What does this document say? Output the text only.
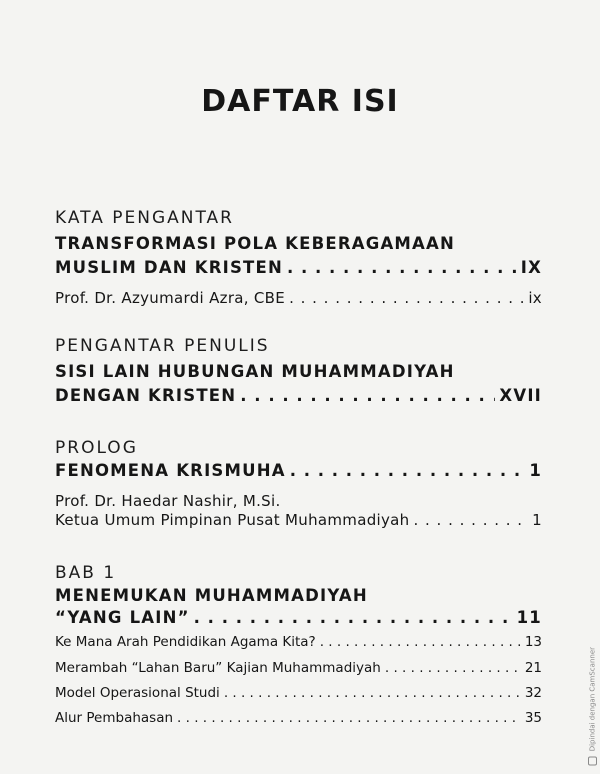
DAFTAR ISI
KATA PENGANTAR
TRANSFORMASI POLA KEBERAGAMAAN
MUSLIM DAN KRISTEN . . .	IX
Prof. Dr. Azyumardi Azra, CBE . . .	ix
PENGANTAR PENULIS
SISI LAIN HUBUNGAN MUHAMMADIYAH
DENGAN KRISTEN . . .	XVII
PROLOG
FENOMENA KRISMUHA . . .	1
Prof. Dr. Haedar Nashir, M.Si.
Ketua Umum Pimpinan Pusat Muhammadiyah . . .	1
BAB 1
MENEMUKAN MUHAMMADIYAH
“YANG LAIN” . . .	11
Ke Mana Arah Pendidikan Agama Kita? . . .	13
Merambah “Lahan Baru” Kajian Muhammadiyah . . .	21
Model Operasional Studi . . .	32
Alur Pembahasan . . .	35	Dipindai dengan CamScanner
